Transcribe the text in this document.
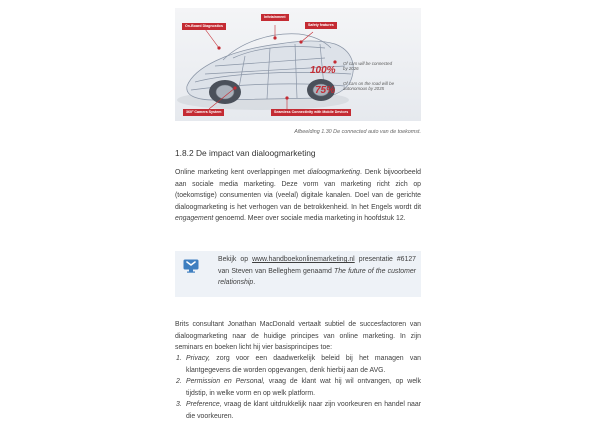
On-Board Diagnostics
Infotainment
Safety features
360° Camera System	Seamless Connectivity with Mobile Devices
100%
Of cars will be connected
by 2026
75%
Of cars on the road will be
autonomous by 2035
Afbeelding 1.30 De connected auto van de toekomst.
1.8.2 De impact van dialoogmarketing
Online marketing kent overlappingen met dialoogmarketing. Denk bijvoorbeeld aan sociale media marketing. Deze vorm van marketing richt zich op (toekomstige) consumenten via (veelal) digitale kanalen. Doel van de gerichte dialoogmarketing is het verhogen van de betrokkenheid. In het Engels wordt dit engagement genoemd. Meer over sociale media marketing in hoofdstuk 12.
Bekijk op www.handboekonlinemarketing.nl presentatie #6127 van Steven van Belleghem genaamd The future of the customer relationship.
Brits consultant Jonathan MacDonald vertaalt subtiel de succesfactoren van dialoogmarketing naar de huidige principes van online marketing. In zijn seminars en boeken licht hij vier basisprincipes toe:
1. Privacy, zorg voor een daadwerkelijk beleid bij het managen van klantgegevens die worden opgevangen, denk hierbij aan de AVG.
2. Permission en Personal, vraag de klant wat hij wil ontvangen, op welk tijdstip, in welke vorm en op welk platform.
3. Preference, vraag de klant uitdrukkelijk naar zijn voorkeuren en handel naar die voorkeuren.
